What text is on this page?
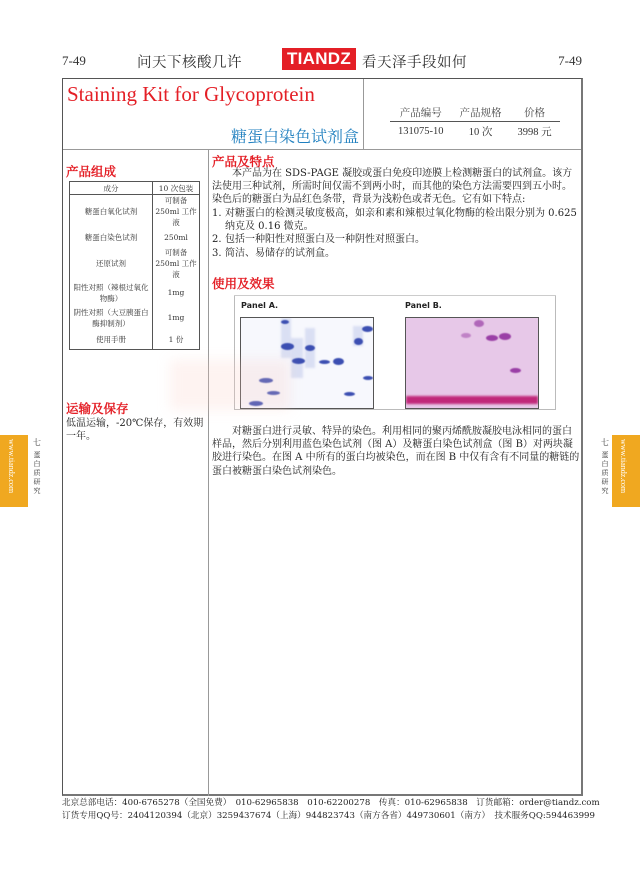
7-49	问天下核酸几许	TIANDZ 看天泽手段如何	7-49
Staining Kit for Glycoprotein
糖蛋白染色试剂盒
产品编号	产品规格	价格
131075-10	10 次	3998 元
产品组成
成分	10 次包装
糖蛋白氧化试剂	可制备 250ml 工作液
糖蛋白染色试剂	250ml
还原试剂	可制备 250ml 工作液
阳性对照（辣根过氧化物酶）	1mg
阴性对照（大豆胰蛋白酶抑制剂）	1mg
使用手册	1 份
运输及保存
低温运输，-20℃保存，有效期一年。
产品及特点
本产品为在 SDS-PAGE 凝胶或蛋白免疫印迹膜上检测糖蛋白的试剂盒。该方法使用三种试剂，所需时间仅需不到两小时，而其他的染色方法需要四到五小时。染色后的糖蛋白为品红色条带，背景为浅粉色或者无色。它有如下特点:
1. 对糖蛋白的检测灵敏度极高，如亲和素和辣根过氧化物酶的检出限分别为 0.625 纳克及 0.16 微克。
2. 包括一种阳性对照蛋白及一种阴性对照蛋白。
3. 简洁、易储存的试剂盒。
使用及效果
Panel A.	Panel B.
对糖蛋白进行灵敏、特异的染色。利用相同的聚丙烯酰胺凝胶电泳相同的蛋白样品，然后分别利用蓝色染色试剂（图 A）及糖蛋白染色试剂盒（图 B）对两块凝胶进行染色。在图 A 中所有的蛋白均被染色，而在图 B 中仅有含有不同量的糖链的蛋白被糖蛋白染色试剂染色。
www.tiandz.com 七
蛋白质研究	www.tiandz.com
七
蛋白质研究
北京总部电话：400-6765278（全国免费）　010-62965838　010-62200278　传真：010-62965838　订货邮箱：order@tiandz.com
订货专用QQ号：2404120394（北京）3259437674（上海）944823743（南方各省）449730601（南方）　技术服务QQ:594463999
